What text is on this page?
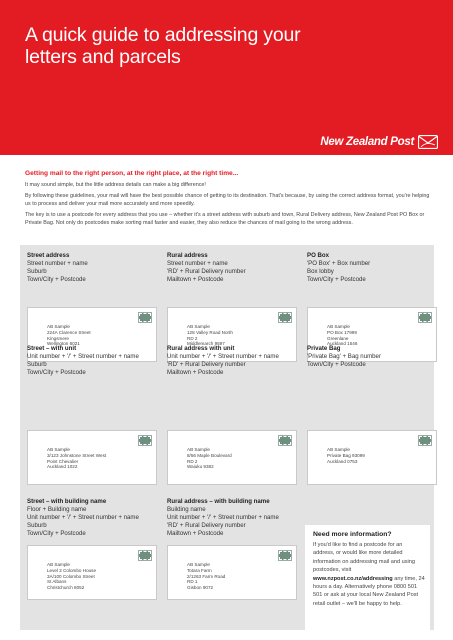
A quick guide to addressing your letters and parcels
New Zealand Post

Getting mail to the right person, at the right place, at the right time...

It may sound simple, but the little address details can make a big difference!

By following these guidelines, your mail will have the best possible chance of getting to its destination. That's because, by using the correct address format, you're helping us to process and deliver your mail more accurately and more speedily.

The key is to use a postcode for every address that you use – whether it's a street address with suburb and town, Rural Delivery address, New Zealand Post PO Box or Private Bag. Not only do postcodes make sorting mail faster and easier, they also reduce the chances of mail going to the wrong address.

Street address
Street number + name
Suburb
Town/City + Postcode
AB Sample
224A Clarence Street
Kingsmere
Wellington 6021
Rural address
Street number + name
'RD' + Rural Delivery number
Mailtown + Postcode
AB Sample
128 Valley Road North
RD 2
Middlemarch 9597
PO Box
'PO Box' + Box number
Box lobby
Town/City + Postcode
AB Sample
PO Box 17999
Greenlane
Auckland 1546
Street – with unit
Unit number + '/' + Street number + name
Suburb
Town/City + Postcode
AB Sample
3/123 Johnstone Street West
Point Chevalier
Auckland 1022
Rural address with unit
Unit number + '/' + Street number + name
'RD' + Rural Delivery number
Mailtown + Postcode
AB Sample
8/56 Maple Boulevard
RD 2
Waiuku 9382
Private Bag
'Private Bag' + Bag number
Town/City + Postcode
AB Sample
Private Bag 93099
Auckland 0753
Street – with building name
Floor + Building name
Unit number + '/' + Street number + name
Suburb
Town/City + Postcode
AB Sample
Level 2 Colombo House
3A/100 Colombo Street
St Albans
Christchurch 8052
Rural address – with building name
Building name
Unit number + '/' + Street number + name
'RD' + Rural Delivery number
Mailtown + Postcode
AB Sample
Totara Farm
2/1263 Farm Road
RD 1
Gisbon 9072

Need more information?

If you'd like to find a postcode for an address, or would like more detailed information on addressing mail and using postcodes, visit www.nzpost.co.nz/addressing any time, 24 hours a day. Alternatively phone 0800 501 501 or ask at your local New Zealand Post retail outlet – we'll be happy to help.
